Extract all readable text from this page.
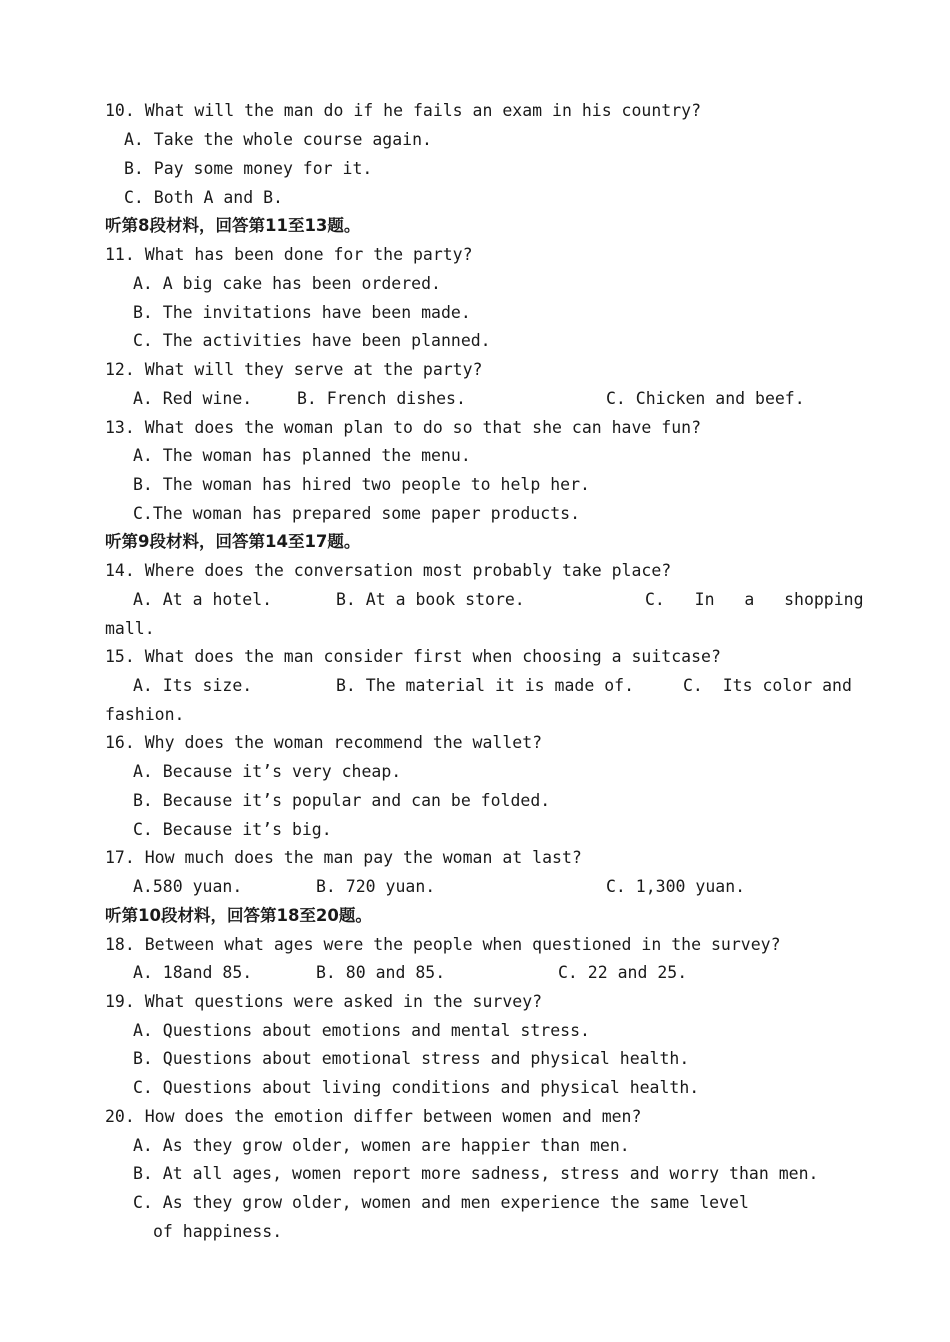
10. What will the man do if he fails an exam in his country?
A. Take the whole course again.
B. Pay some money for it.
C. Both A and B.
听第8段材料，回答第11至13题。
11. What has been done for the party?
A. A big cake has been ordered.
B. The invitations have been made.
C. The activities have been planned.
12. What will they serve at the party?
A. Red wine.	B. French dishes.	C. Chicken and beef.
13. What does the woman plan to do so that she can have fun?
A. The woman has planned the menu.
B. The woman has hired two people to help her.
C.The woman has prepared some paper products.
听第9段材料，回答第14至17题。
14. Where does the conversation most probably take place?
A. At a hotel.	B. At a book store.	C.   In   a   shopping
mall.
15. What does the man consider first when choosing a suitcase?
A. Its size.	B. The material it is made of.	C.  Its color and
fashion.
16. Why does the woman recommend the wallet?
A. Because it’s very cheap.
B. Because it’s popular and can be folded.
C. Because it’s big.
17. How much does the man pay the woman at last?
A.580 yuan.	B. 720 yuan.	C. 1,300 yuan.
听第10段材料，回答第18至20题。
18. Between what ages were the people when questioned in the survey?
A. 18and 85.	B. 80 and 85.	C. 22 and 25.
19. What questions were asked in the survey?
A. Questions about emotions and mental stress.
B. Questions about emotional stress and physical health.
C. Questions about living conditions and physical health.
20. How does the emotion differ between women and men?
A. As they grow older, women are happier than men.
B. At all ages, women report more sadness, stress and worry than men.
C. As they grow older, women and men experience the same level
of happiness.
